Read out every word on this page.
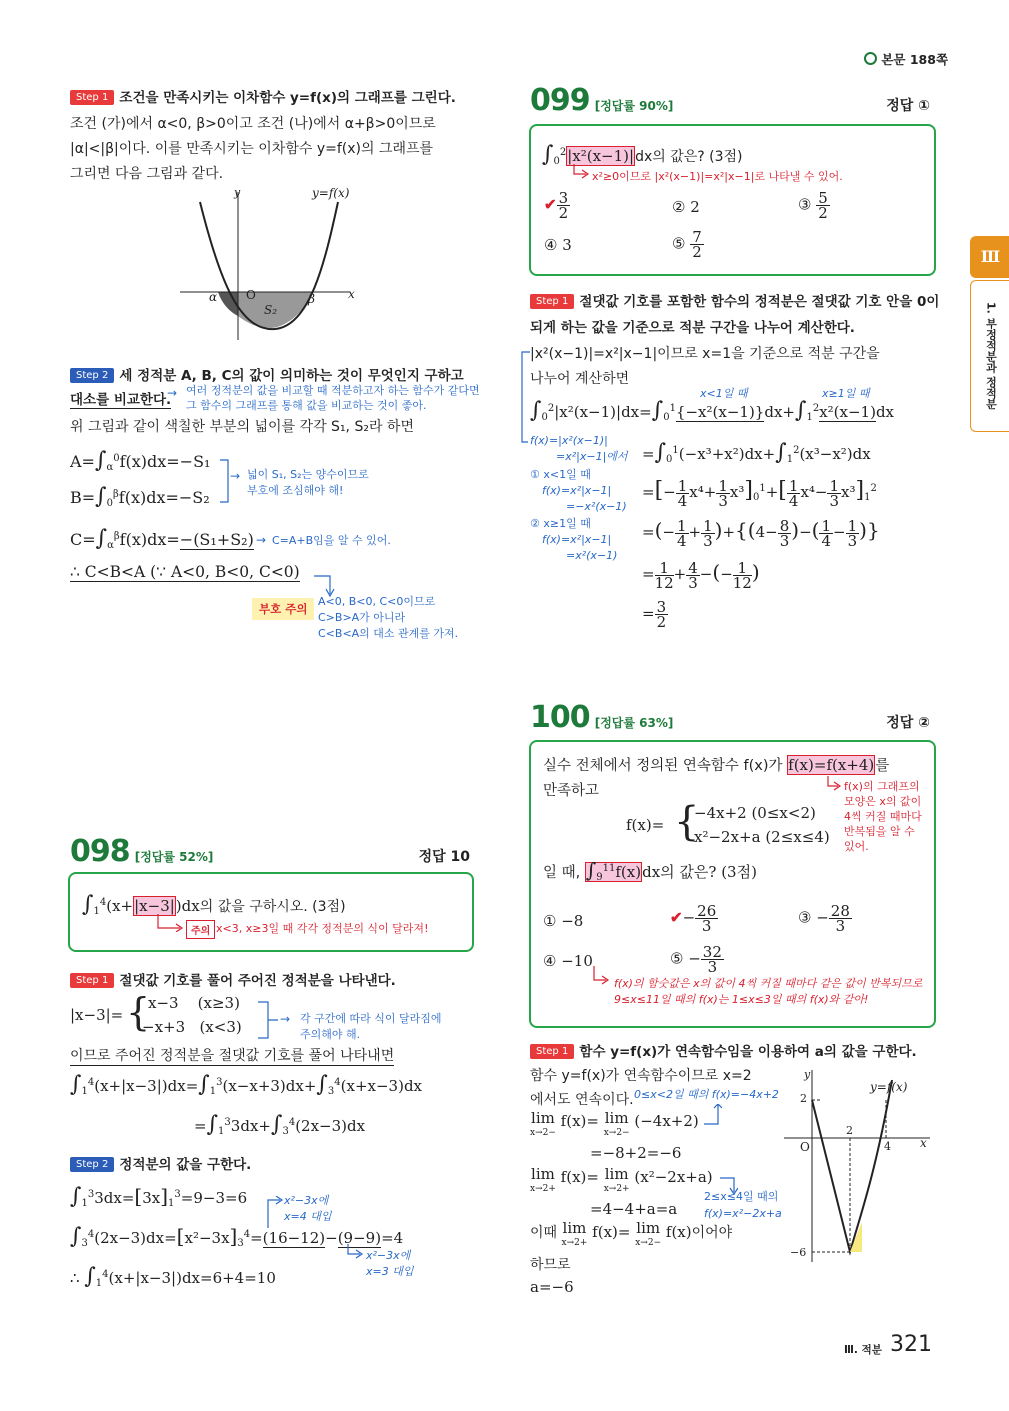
본문 188쪽
Ⅲ
1. 부정적분과 정적분
Step 1 조건을 만족시키는 이차함수 y=f(x)의 그래프를 그린다.
조건 (가)에서 α<0, β>0이고 조건 (나)에서 α+β>0이므로
|α|<|β|이다. 이를 만족시키는 이차함수 y=f(x)의 그래프를
그리면 다음 그림과 같다.
y	y=f(x)
x
α O	β
S₂
Step 2 세 정적분 A, B, C의 값이 의미하는 것이 무엇인지 구하고
대소를 비교한다.
→ 여러 정적분의 값을 비교할 때 적분하고자 하는 함수가 같다면
그 함수의 그래프를 통해 값을 비교하는 것이 좋아.
위 그림과 같이 색칠한 부분의 넓이를 각각 S₁, S₂라 하면
$A=\int_\alpha^0f(x)dx=-S_1$
$B=\int_0^\beta f(x)dx=-S_2$
→ 넓이 S₁, S₂는 양수이므로
부호에 조심해야 해!
$C=\int_\alpha^\beta f(x)dx=-(S_1+S_2) \to C=A+B$임을 알 수 있어.
∴ C<B<A (∵ A<0, B<0, C<0)
부호 주의
A<0, B<0, C<0이므로
C>B>A가 아니라
C<B<A의 대소 관계를 가져.
098 [정답률 52%]	정답 10
$\int_1^4(x+|x-3|)dx$의 값을 구하시오. (3점)
주의 x<3, x≥3일 때 각각 정적분의 식이 달라져!
Step 1 절댓값 기호를 풀어 주어진 정적분을 나타낸다.
|x−3|= {
x−3    (x≥3)
−x+3   (x<3)	→ 각 구간에 따라 식이 달라짐에
주의해야 해.
이므로 주어진 정적분을 절댓값 기호를 풀어 나타내면
$\int_1^4(x+|x-3|)dx=\int_1^3(x-x+3)dx+\int_3^4(x+x-3)dx$
$=\int_1^33dx+\int_3^4(2x-3)dx$
Step 2 정적분의 값을 구한다.
$\int_1^33dx=[3x]_1^3=9-3=6$
$\int_3^4(2x-3)dx=[x^2-3x]_3^4=(16-12)-(9-9)=4$
∴ $\int_1^4(x+|x-3|)dx=6+4=10$
x²−3x에
x=4 대입
x²−3x에
x=3 대입
099 [정답률 90%]	정답 ①
$\int_0^2|x^2(x-1)|dx$의 값은? (3점)
x²≥0이므로 |x²(x−1)|=x²|x−1|로 나타낼 수 있어.
✔ $\frac{3}{2}$	② 2	③ $\frac{5}{2}$
④ 3	⑤ $\frac{7}{2}$
Step 1 절댓값 기호를 포함한 함수의 정적분은 절댓값 기호 안을 0이
되게 하는 값을 기준으로 적분 구간을 나누어 계산한다.
|x²(x−1)|=x²|x−1|이므로 x=1을 기준으로 적분 구간을
나누어 계산하면
x<1일 때	x≥1일 때
$\int_0^2|x^2(x-1)|dx=\int_0^1\{-x^2(x-1)\}dx+\int_1^2x^2(x-1)dx$
f(x)=|x²(x−1)|
=x²|x−1|에서
① x<1일 때
f(x)=x²|x−1|
=−x²(x−1)
② x≥1일 때
f(x)=x²|x−1|
=x²(x−1)
$=\int_0^1(-x^3+x^2)dx+\int_1^2(x^3-x^2)dx$
=[− $\frac{1}{4} x^4+ \frac{1}{3} x^3]_0^1+[ \frac{1}{4} x^4- \frac{1}{3} x^3]_1^2$
=(− $\frac{1}{4} + \frac{1}{3} )+\{(4- \frac{8}{3}$ )−( $\frac{1}{4} - \frac{1}{3}$ )}
= $\frac{1}{12} + \frac{4}{3}$ −(− $\frac{1}{12}$ )
= $\frac{3}{2}$
100 [정답률 63%]	정답 ②
실수 전체에서 정의된 연속함수 f(x)가 f(x)=f(x+4)를
만족하고	f(x)의 그래프의
모양은 x의 값이
4씩 커질 때마다
반복됨을 알 수
있어.
f(x)= {
−4x+2 (0≤x<2)
x²−2x+a (2≤x≤4)
일 때, $\int_9^{11}f(x)dx$의 값은? (3점)
① −8	✔− $\frac{26}{3}$	③ − $\frac{28}{3}$
④ −10	⑤ − $\frac{32}{3}$
f(x)의 함숫값은 x의 값이 4씩 커질 때마다 같은 값이 반복되므로
9≤x≤11일 때의 f(x)는 1≤x≤3일 때의 f(x)와 같아!
Step 1 함수 y=f(x)가 연속함수임을 이용하여 a의 값을 구한다.
함수 y=f(x)가 연속함수이므로 x=2
에서도 연속이다. 0≤x<2일 때의 f(x)=−4x+2
lim
x→2− f(x)= lim
x→2− (−4x+2)
=−8+2=−6
lim
x→2+ f(x)= lim
x→2+ (x²−2x+a)
2≤x≤4일 때의
f(x)=x²−2x+a
=4−4+a=a
이때 lim
x→2+ f(x)= lim
x→2− f(x)이어야
하므로
a=−6
y
y=f(x)
2
2
O	4 x
−6
Ⅲ. 적분 321
